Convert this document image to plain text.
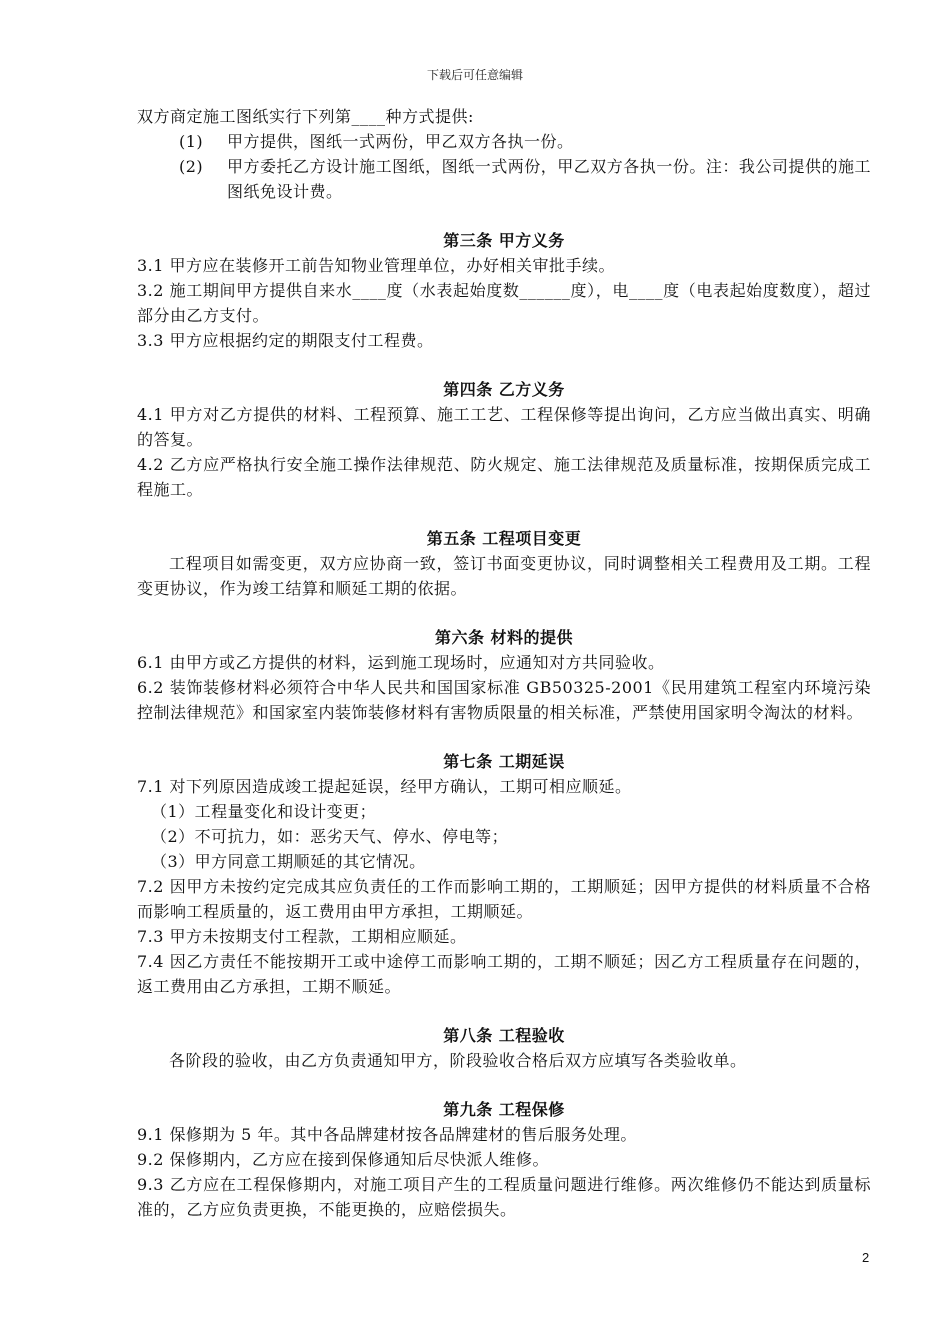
下载后可任意编辑

双方商定施工图纸实行下列第____种方式提供:

(1)	甲方提供，图纸一式两份，甲乙双方各执一份。
(2)	甲方委托乙方设计施工图纸，图纸一式两份，甲乙双方各执一份。注：我公司提供的施工图纸免设计费。

第三条 甲方义务

3.1 甲方应在装修开工前告知物业管理单位，办好相关审批手续。

3.2 施工期间甲方提供自来水____度（水表起始度数______度），电____度（电表起始度数度），超过部分由乙方支付。

3.3 甲方应根据约定的期限支付工程费。

第四条 乙方义务

4.1 甲方对乙方提供的材料、工程预算、施工工艺、工程保修等提出询问，乙方应当做出真实、明确的答复。

4.2 乙方应严格执行安全施工操作法律规范、防火规定、施工法律规范及质量标准，按期保质完成工程施工。

第五条 工程项目变更

工程项目如需变更，双方应协商一致，签订书面变更协议，同时调整相关工程费用及工期。工程变更协议，作为竣工结算和顺延工期的依据。

第六条 材料的提供

6.1 由甲方或乙方提供的材料，运到施工现场时，应通知对方共同验收。

6.2 装饰装修材料必须符合中华人民共和国国家标准 GB50325-2001《民用建筑工程室内环境污染控制法律规范》和国家室内装饰装修材料有害物质限量的相关标准，严禁使用国家明令淘汰的材料。

第七条 工期延误

7.1 对下列原因造成竣工提起延误，经甲方确认，工期可相应顺延。

（1）工程量变化和设计变更；

（2）不可抗力，如：恶劣天气、停水、停电等；

（3）甲方同意工期顺延的其它情况。

7.2 因甲方未按约定完成其应负责任的工作而影响工期的，工期顺延；因甲方提供的材料质量不合格而影响工程质量的，返工费用由甲方承担，工期顺延。

7.3 甲方未按期支付工程款，工期相应顺延。

7.4 因乙方责任不能按期开工或中途停工而影响工期的，工期不顺延；因乙方工程质量存在问题的，返工费用由乙方承担，工期不顺延。

第八条 工程验收

各阶段的验收，由乙方负责通知甲方，阶段验收合格后双方应填写各类验收单。

第九条 工程保修

9.1 保修期为 5 年。其中各品牌建材按各品牌建材的售后服务处理。

9.2 保修期内，乙方应在接到保修通知后尽快派人维修。

9.3 乙方应在工程保修期内，对施工项目产生的工程质量问题进行维修。两次维修仍不能达到质量标准的，乙方应负责更换，不能更换的，应赔偿损失。

2
